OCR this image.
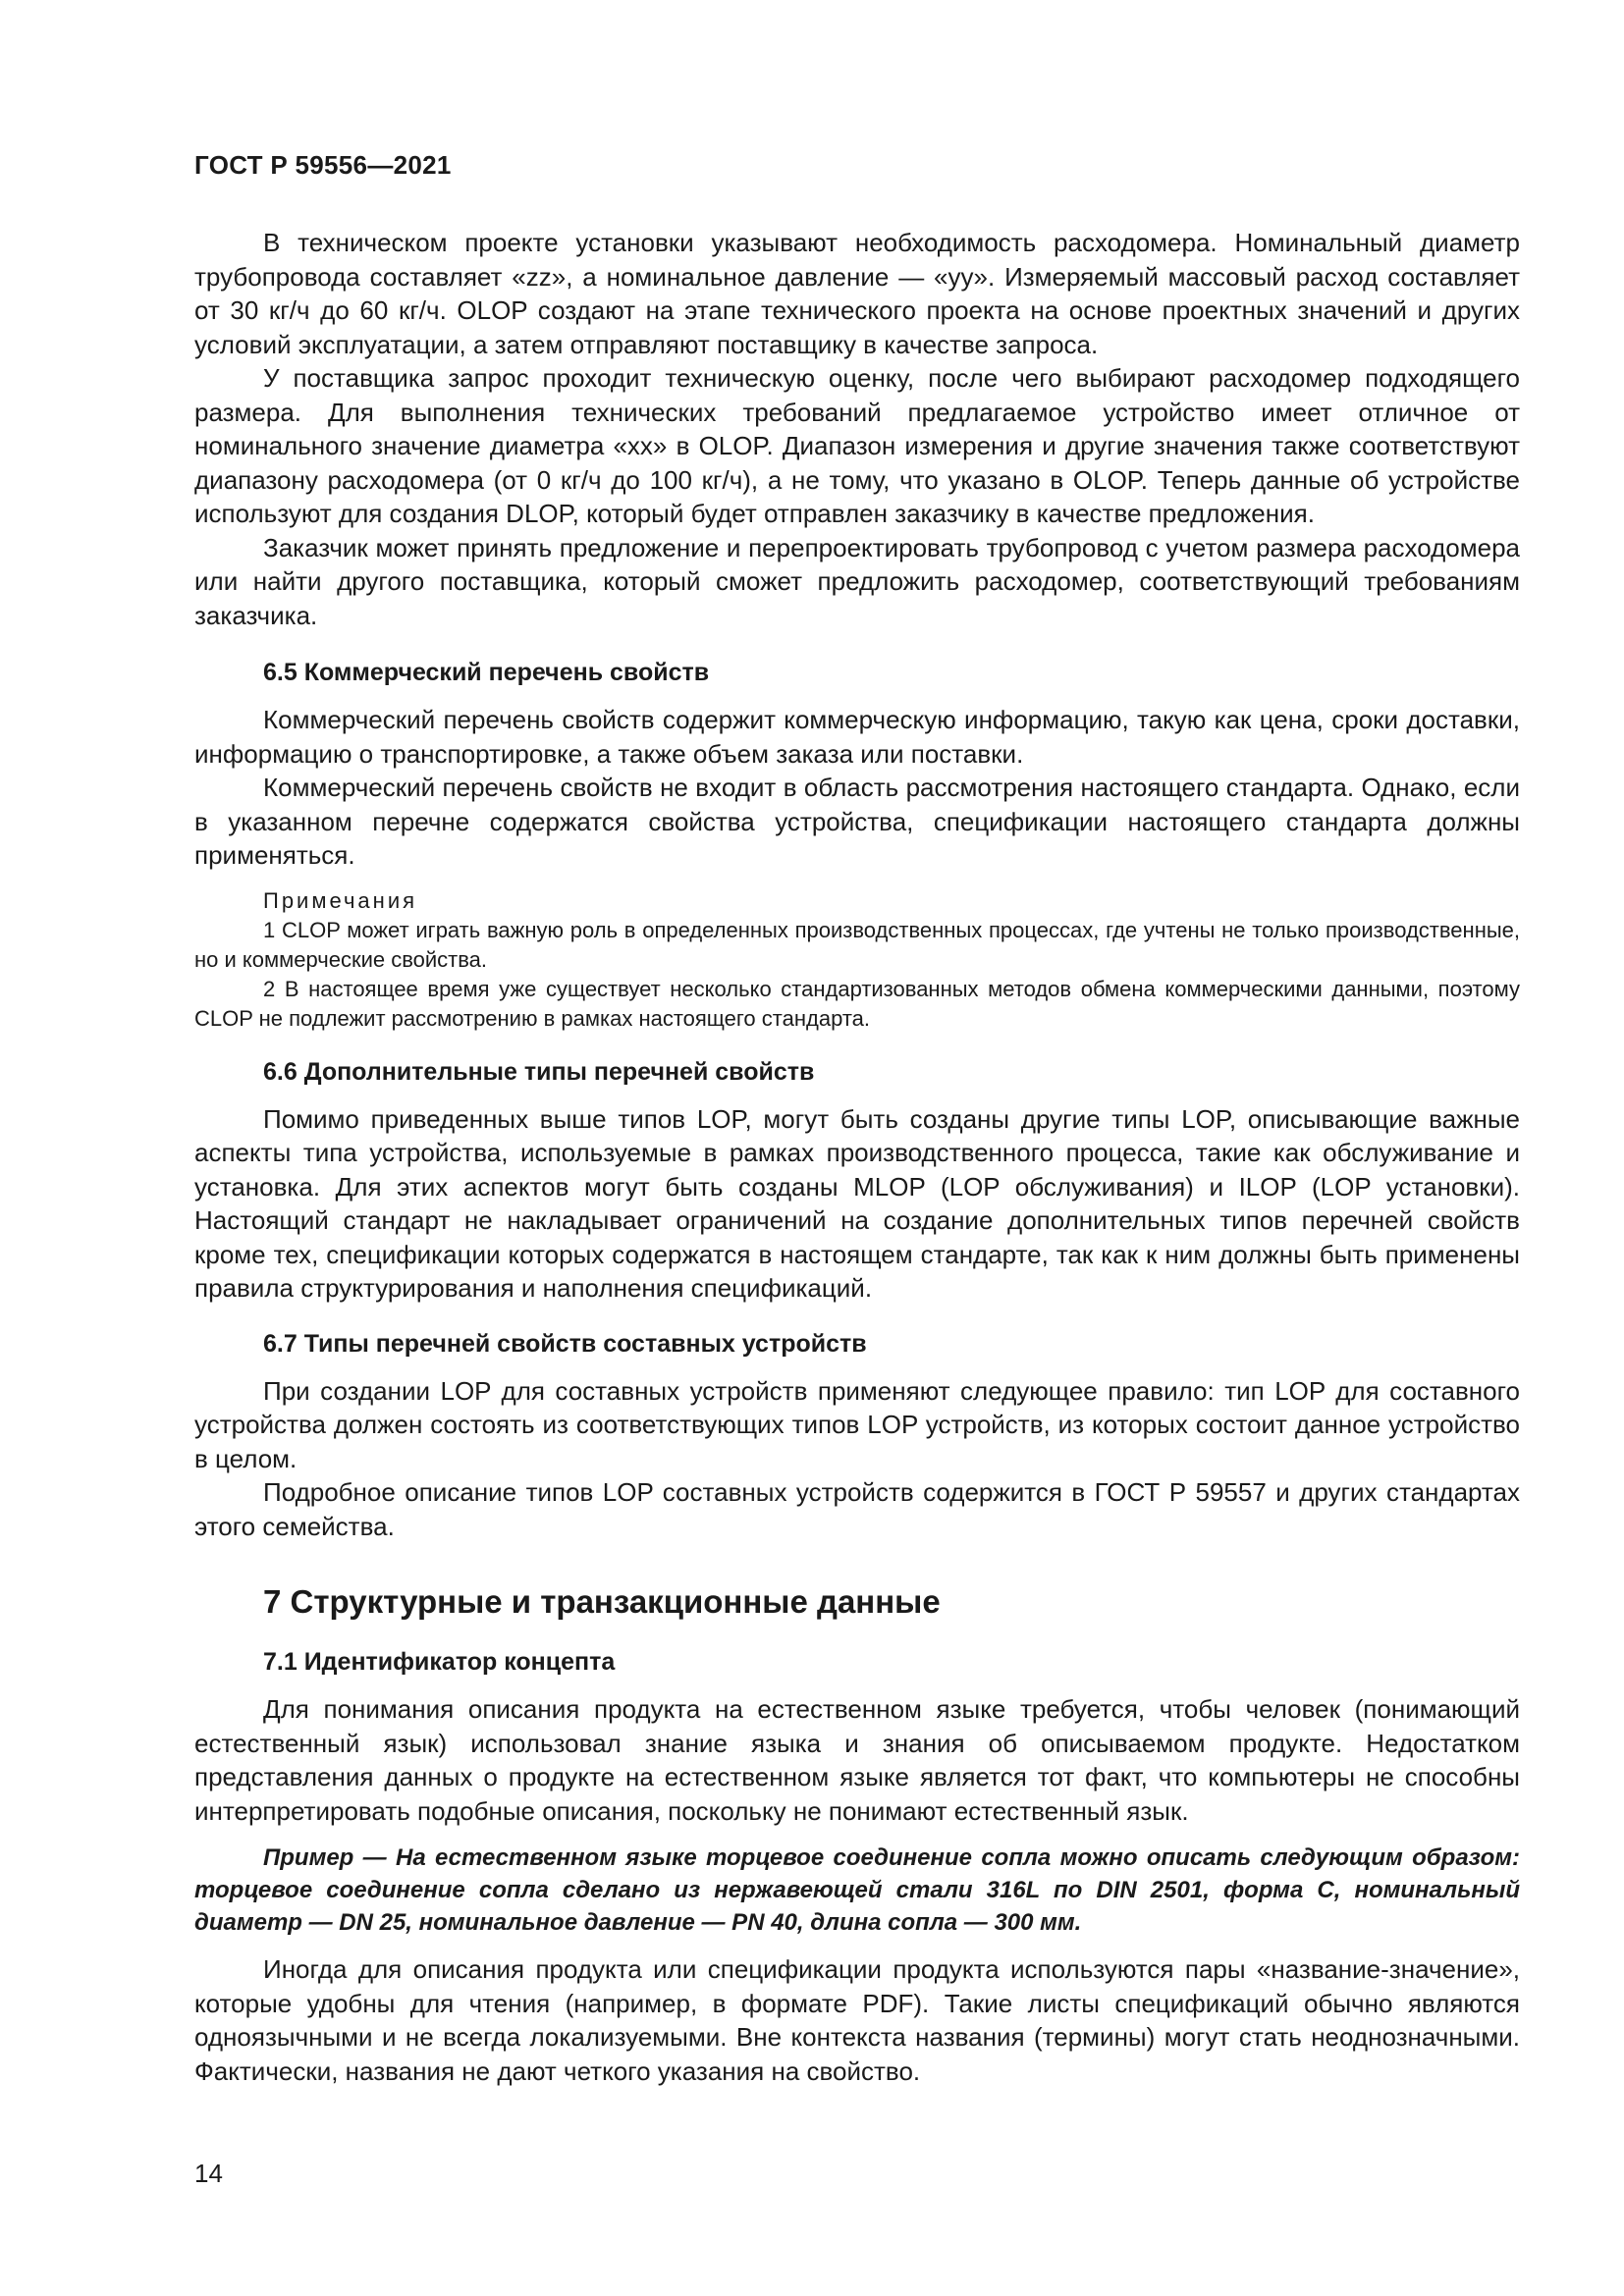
ГОСТ Р 59556—2021

В техническом проекте установки указывают необходимость расходомера. Номинальный диаметр трубопровода составляет «zz», а номинальное давление — «yy». Измеряемый массовый расход составляет от 30 кг/ч до 60 кг/ч. OLOP создают на этапе технического проекта на основе проектных значений и других условий эксплуатации, а затем отправляют поставщику в качестве запроса.

У поставщика запрос проходит техническую оценку, после чего выбирают расходомер подходящего размера. Для выполнения технических требований предлагаемое устройство имеет отличное от номинального значение диаметра «xx» в OLOP. Диапазон измерения и другие значения также соответствуют диапазону расходомера (от 0 кг/ч до 100 кг/ч), а не тому, что указано в OLOP. Теперь данные об устройстве используют для создания DLOP, который будет отправлен заказчику в качестве предложения.

Заказчик может принять предложение и перепроектировать трубопровод с учетом размера расходомера или найти другого поставщика, который сможет предложить расходомер, соответствующий требованиям заказчика.

6.5 Коммерческий перечень свойств

Коммерческий перечень свойств содержит коммерческую информацию, такую как цена, сроки доставки, информацию о транспортировке, а также объем заказа или поставки.

Коммерческий перечень свойств не входит в область рассмотрения настоящего стандарта. Однако, если в указанном перечне содержатся свойства устройства, спецификации настоящего стандарта должны применяться.

Примечания

1 CLOP может играть важную роль в определенных производственных процессах, где учтены не только производственные, но и коммерческие свойства.

2 В настоящее время уже существует несколько стандартизованных методов обмена коммерческими данными, поэтому CLOP не подлежит рассмотрению в рамках настоящего стандарта.

6.6 Дополнительные типы перечней свойств

Помимо приведенных выше типов LOP, могут быть созданы другие типы LOP, описывающие важные аспекты типа устройства, используемые в рамках производственного процесса, такие как обслуживание и установка. Для этих аспектов могут быть созданы MLOP (LOP обслуживания) и ILOP (LOP установки). Настоящий стандарт не накладывает ограничений на создание дополнительных типов перечней свойств кроме тех, спецификации которых содержатся в настоящем стандарте, так как к ним должны быть применены правила структурирования и наполнения спецификаций.

6.7 Типы перечней свойств составных устройств

При создании LOP для составных устройств применяют следующее правило: тип LOP для составного устройства должен состоять из соответствующих типов LOP устройств, из которых состоит данное устройство в целом.

Подробное описание типов LOP составных устройств содержится в ГОСТ Р 59557 и других стандартах этого семейства.

7 Структурные и транзакционные данные
7.1 Идентификатор концепта

Для понимания описания продукта на естественном языке требуется, чтобы человек (понимающий естественный язык) использовал знание языка и знания об описываемом продукте. Недостатком представления данных о продукте на естественном языке является тот факт, что компьютеры не способны интерпретировать подобные описания, поскольку не понимают естественный язык.

Пример — На естественном языке торцевое соединение сопла можно описать следующим образом: торцевое соединение сопла сделано из нержавеющей стали 316L по DIN 2501, форма C, номинальный диаметр — DN 25, номинальное давление — PN 40, длина сопла — 300 мм.

Иногда для описания продукта или спецификации продукта используются пары «название-значение», которые удобны для чтения (например, в формате PDF). Такие листы спецификаций обычно являются одноязычными и не всегда локализуемыми. Вне контекста названия (термины) могут стать неоднозначными. Фактически, названия не дают четкого указания на свойство.

14
